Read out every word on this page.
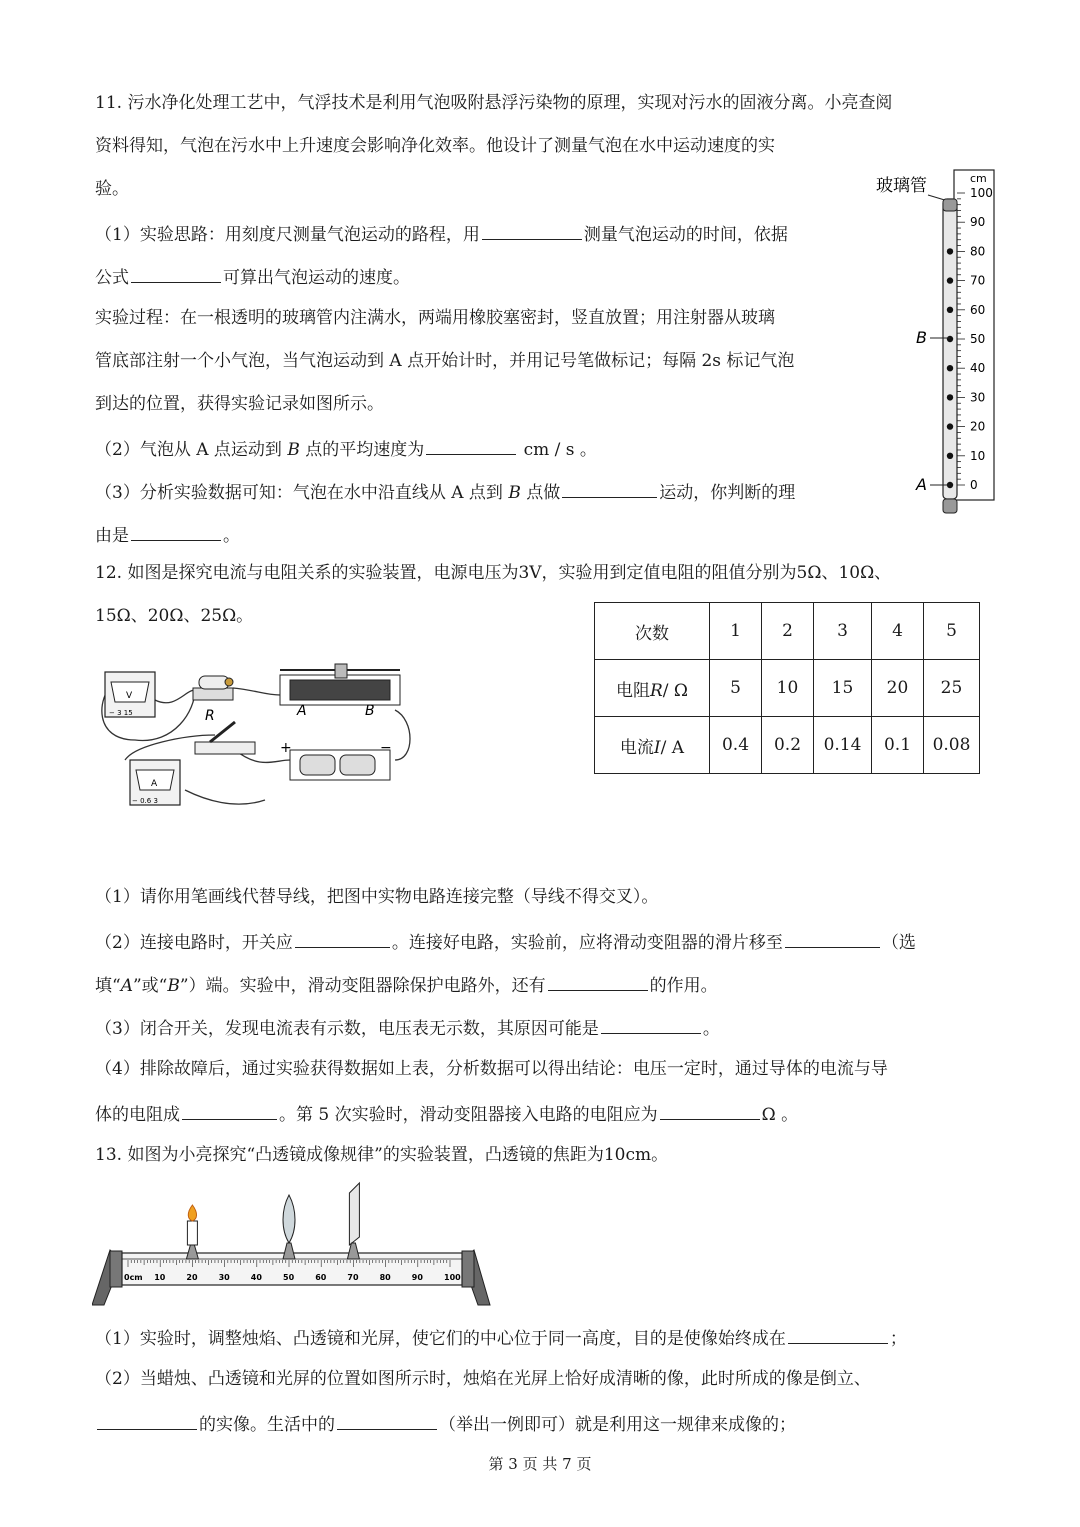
11. 污水净化处理工艺中，气浮技术是利用气泡吸附悬浮污染物的原理，实现对污水的固液分离。小亮查阅
资料得知，气泡在污水中上升速度会影响净化效率。他设计了测量气泡在水中运动速度的实
验。
（1）实验思路：用刻度尺测量气泡运动的路程，用	测量气泡运动的时间，依据
公式	可算出气泡运动的速度。
实验过程：在一根透明的玻璃管内注满水，两端用橡胶塞密封，竖直放置；用注射器从玻璃
管底部注射一个小气泡，当气泡运动到 A 点开始计时，并用记号笔做标记；每隔 2s 标记气泡
到达的位置，获得实验记录如图所示。
（2）气泡从 A 点运动到 B 点的平均速度为	cm / s 。
（3）分析实验数据可知：气泡在水中沿直线从 A 点到 B 点做	运动，你判断的理
由是	。
玻璃管	cm
0
10
20
30
40
50
60
70
80
90
100
B
A
12. 如图是探究电流与电阻关系的实验装置，电源电压为3V，实验用到定值电阻的阻值分别为5Ω、10Ω、
15Ω、20Ω、25Ω。
V
− 3 15	R	A	B
+	−
A
− 0.6 3
次数	1	2	3	4	5
电阻R/ Ω	5	10	15	20	25
电流I/ A	0.4	0.2	0.14	0.1	0.08
（1）请你用笔画线代替导线，把图中实物电路连接完整（导线不得交叉）。
（2）连接电路时，开关应	。连接好电路，实验前，应将滑动变阻器的滑片移至	（选
填“A”或“B”）端。实验中，滑动变阻器除保护电路外，还有	的作用。
（3）闭合开关，发现电流表有示数，电压表无示数，其原因可能是	。
（4）排除故障后，通过实验获得数据如上表，分析数据可以得出结论：电压一定时，通过导体的电流与导
体的电阻成	。第 5 次实验时，滑动变阻器接入电路的电阻应为	Ω 。
13. 如图为小亮探究“凸透镜成像规律”的实验装置，凸透镜的焦距为10cm。
0cm 10	20	30	40	50	60	70	80	90	100
（1）实验时，调整烛焰、凸透镜和光屏，使它们的中心位于同一高度，目的是使像始终成在	；
（2）当蜡烛、凸透镜和光屏的位置如图所示时，烛焰在光屏上恰好成清晰的像，此时所成的像是倒立、
的实像。生活中的	（举出一例即可）就是利用这一规律来成像的；
第 3 页 共 7 页
